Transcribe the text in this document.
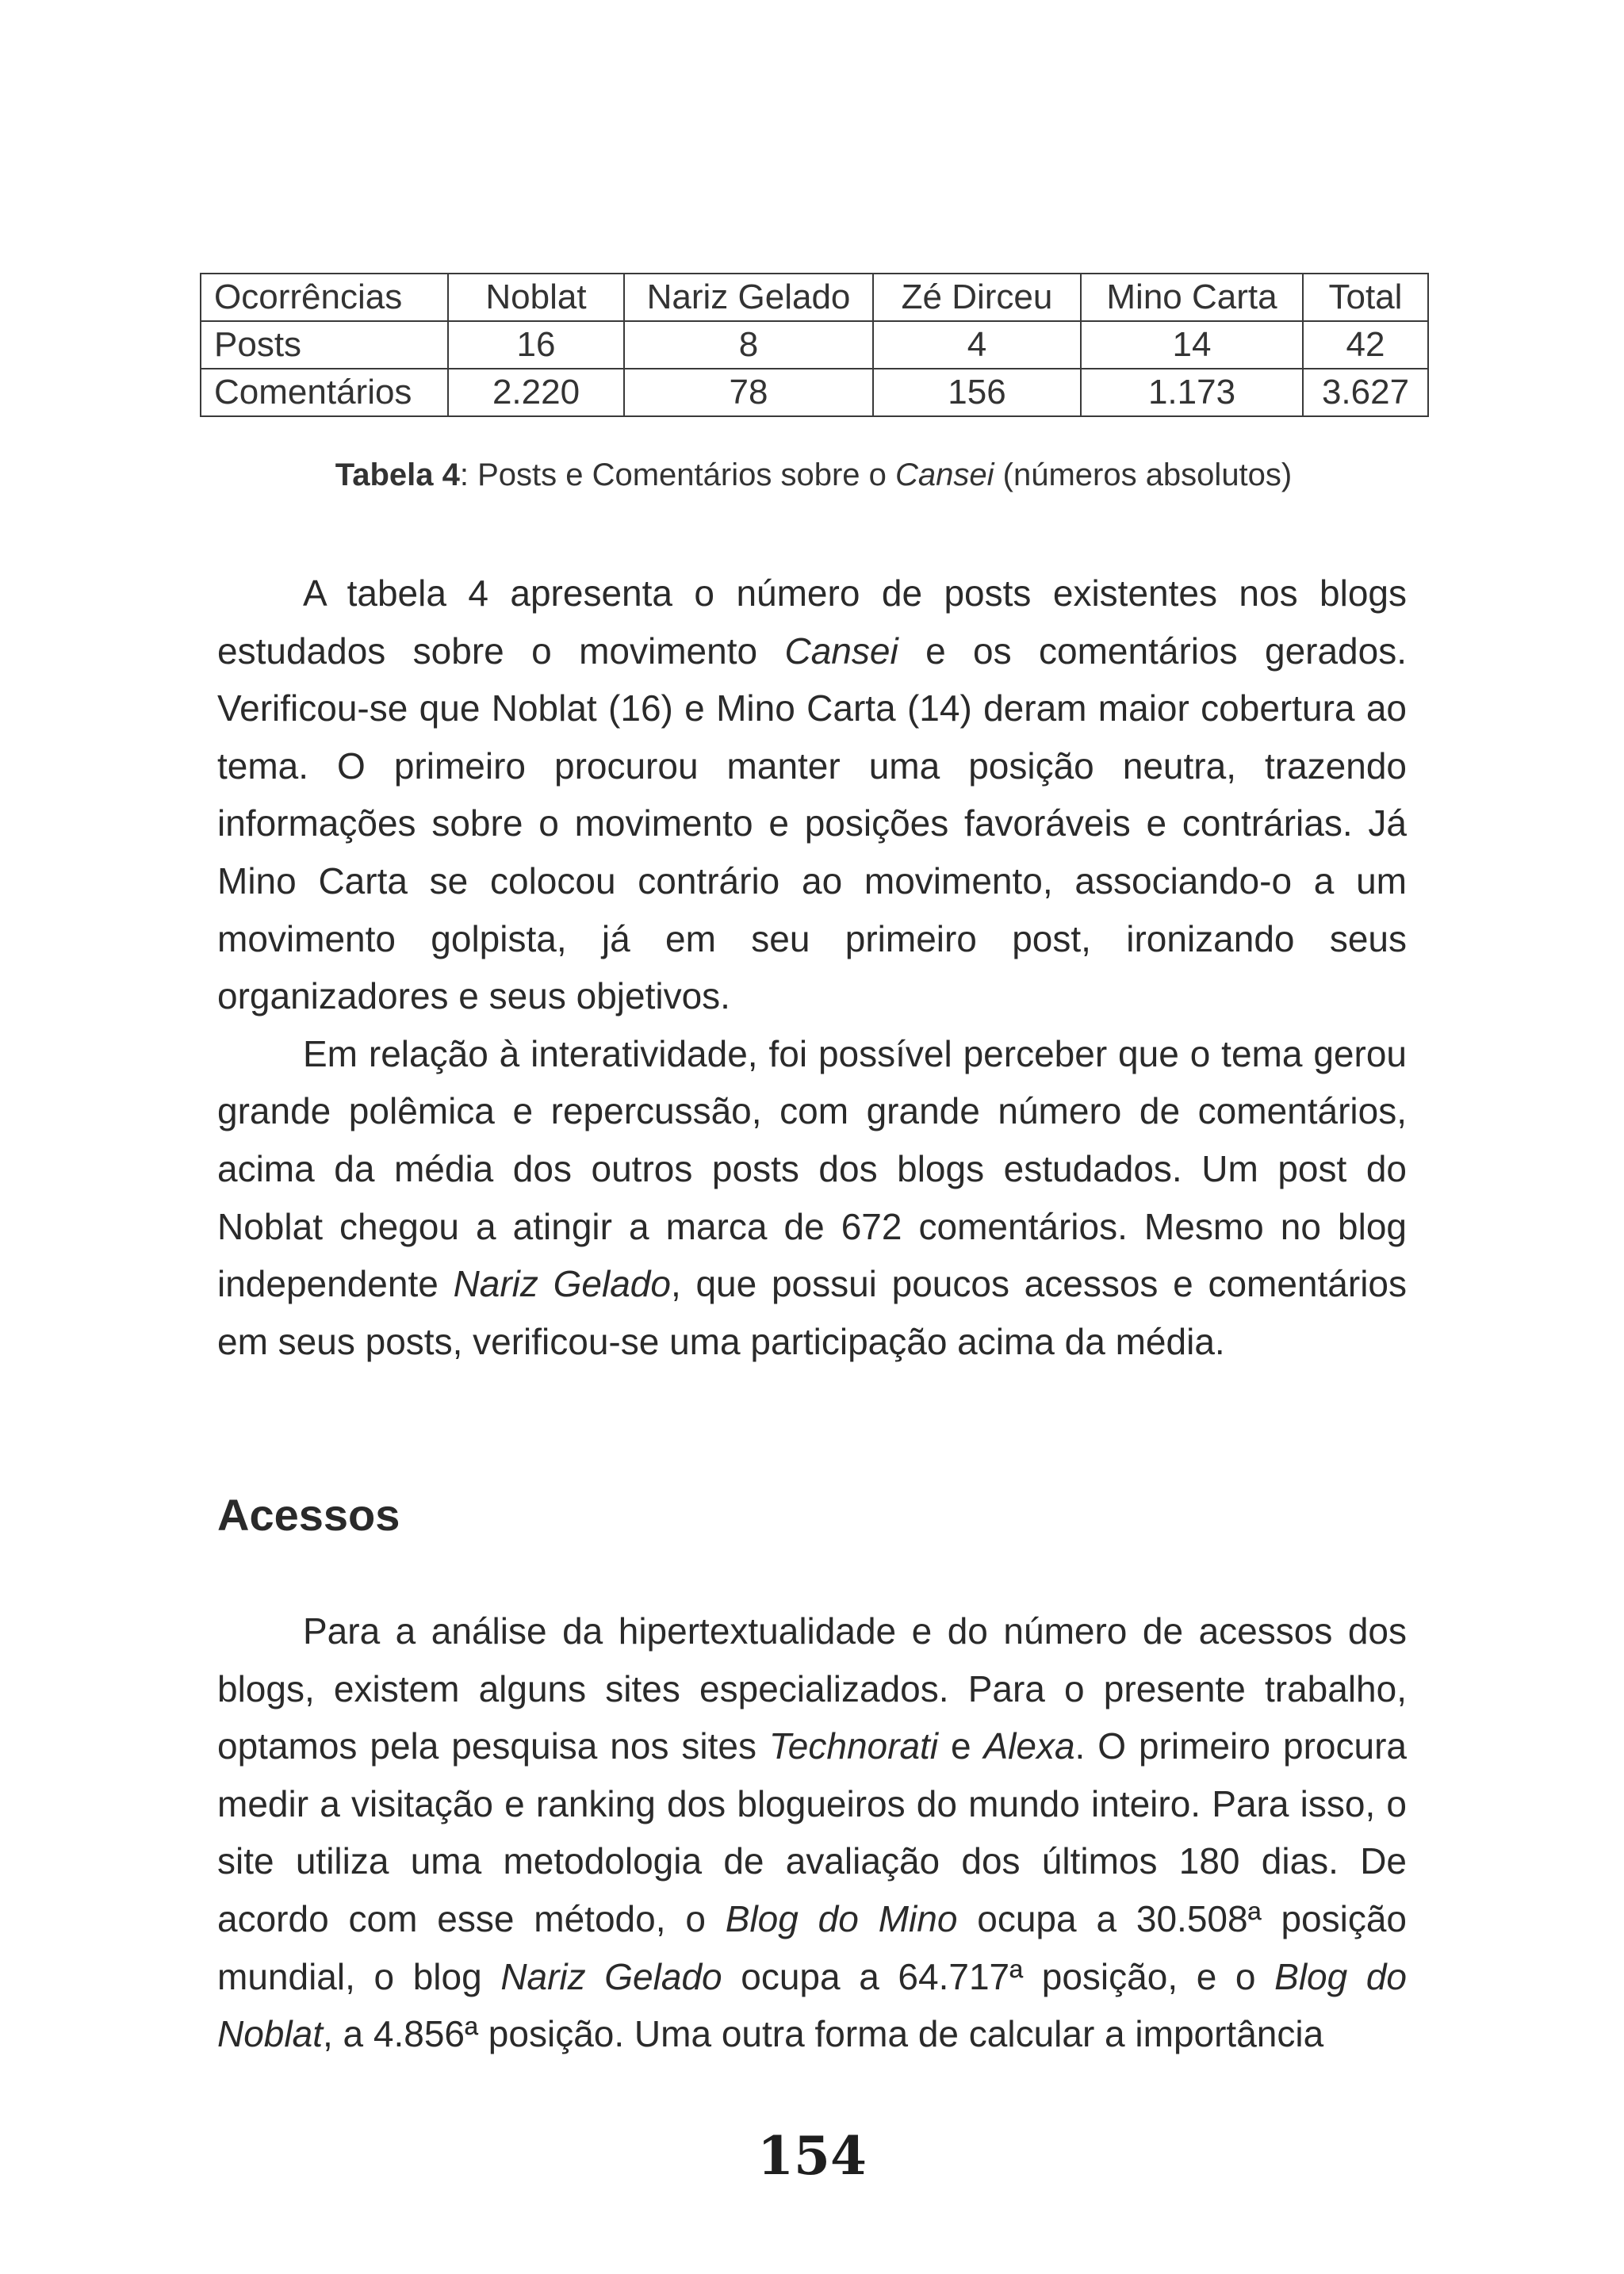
Ocorrências	Noblat	Nariz Gelado	Zé Dirceu	Mino Carta	Total
Posts	16	8	4	14	42
Comentários	2.220	78	156	1.173	3.627
Tabela 4: Posts e Comentários sobre o Cansei (números absolutos)

A tabela 4 apresenta o número de posts existentes nos blogs estudados sobre o movimento Cansei e os comentários gerados. Verificou-se que Noblat (16) e Mino Carta (14) deram maior cobertura ao tema. O primeiro procurou manter uma posição neutra, trazendo informações sobre o movimento e posições favoráveis e contrárias. Já Mino Carta se colocou contrário ao movimento, associando-o a um movimento golpista, já em seu primeiro post, ironizando seus organizadores e seus objetivos.

Em relação à interatividade, foi possível perceber que o tema gerou grande polêmica e repercussão, com grande número de comentários, acima da média dos outros posts dos blogs estudados. Um post do Noblat chegou a atingir a marca de 672 comentários. Mesmo no blog independente Nariz Gelado, que possui poucos acessos e comentários em seus posts, verificou-se uma participação acima da média.

Acessos

Para a análise da hipertextualidade e do número de acessos dos blogs, existem alguns sites especializados. Para o presente trabalho, optamos pela pesquisa nos sites Technorati e Alexa. O primeiro procura medir a visitação e ranking dos blogueiros do mundo inteiro. Para isso, o site utiliza uma metodologia de avaliação dos últimos 180 dias. De acordo com esse método, o Blog do Mino ocupa a 30.508ª posição mundial, o blog Nariz Gelado ocupa a 64.717ª posição, e o Blog do Noblat, a 4.856ª posição. Uma outra forma de calcular a importância

154
